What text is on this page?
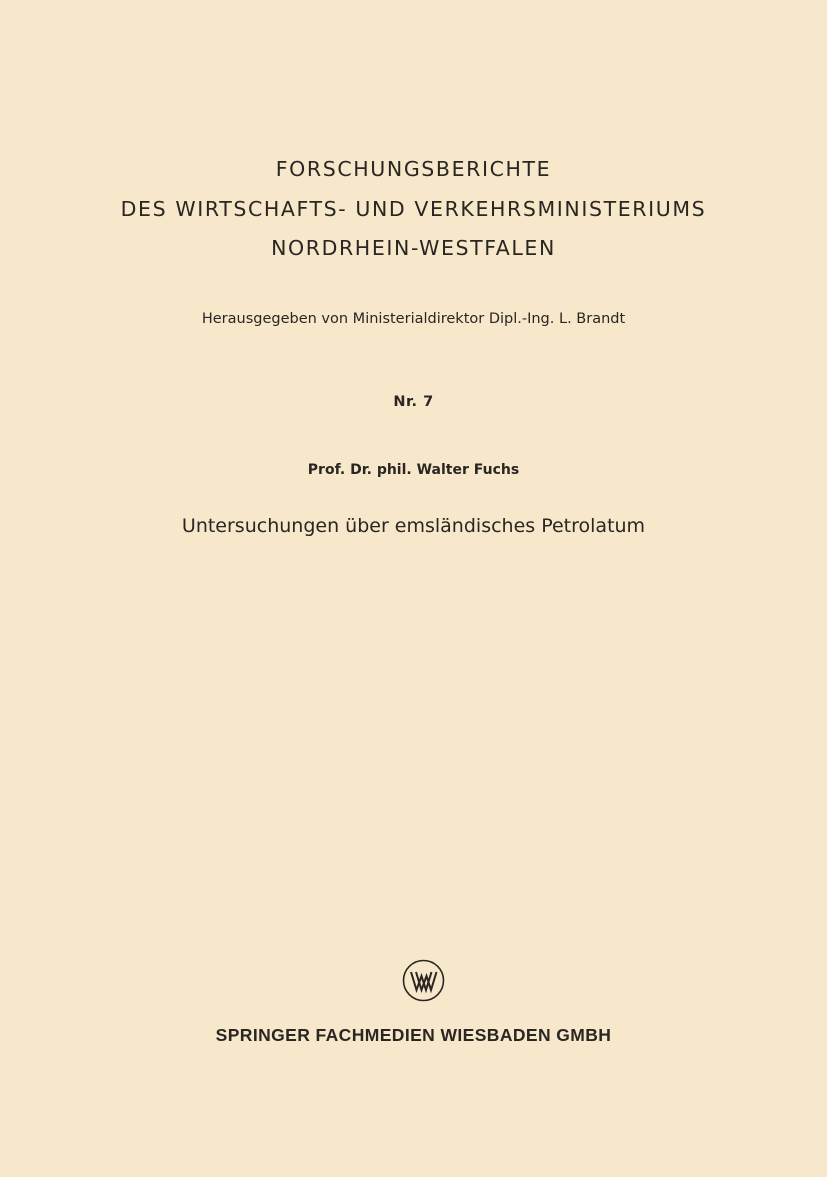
FORSCHUNGSBERICHTE
DES WIRTSCHAFTS- UND VERKEHRSMINISTERIUMS
NORDRHEIN-WESTFALEN
Herausgegeben von Ministerialdirektor Dipl.-Ing. L. Brandt
Nr. 7
Prof. Dr. phil. Walter Fuchs
Untersuchungen über emsländisches Petrolatum
SPRINGER FACHMEDIEN WIESBADEN GMBH
